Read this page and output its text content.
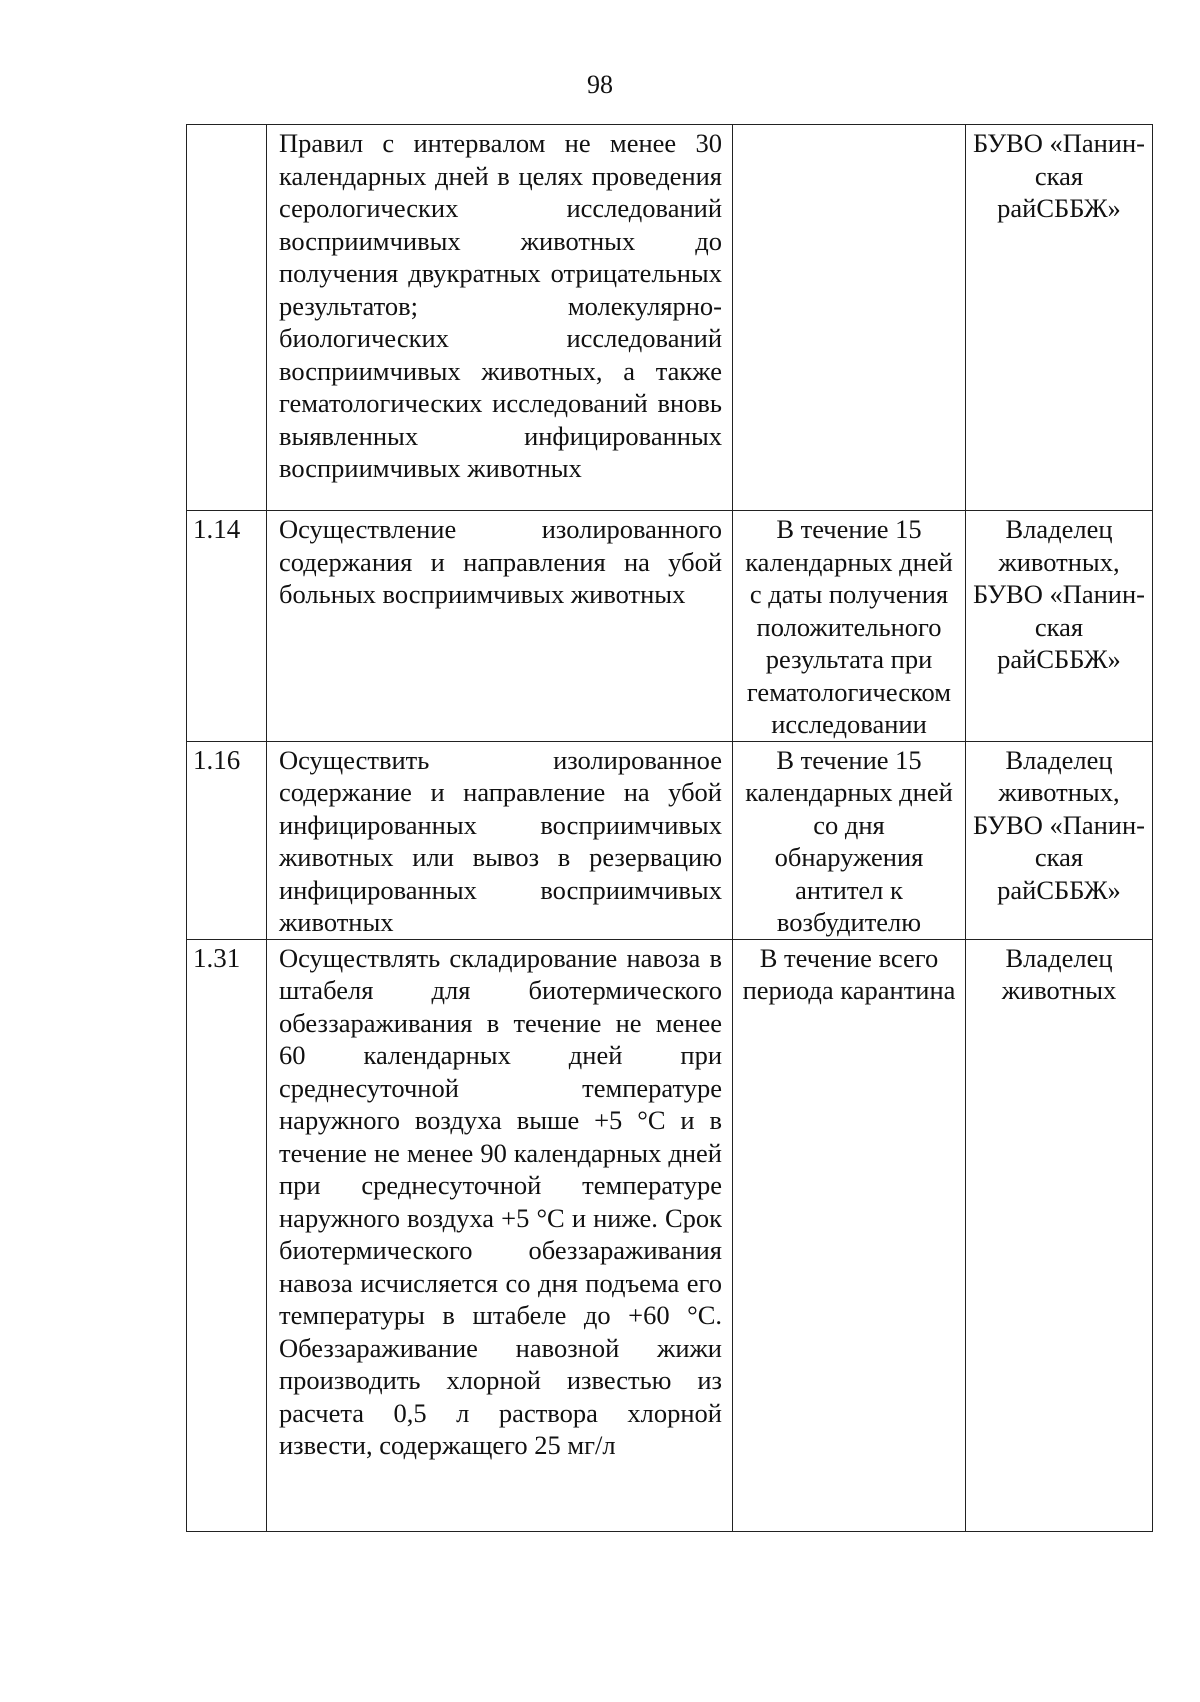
98
	Правил с интервалом не менее 30 календарных дней в целях проведения серологических исследований восприимчивых животных до получения двукратных отрицательных результатов; молекулярно-биологических исследований восприимчивых животных, а также гематологических исследований вновь выявленных инфицированных восприимчивых животных		БУВО «Панин-ская райСББЖ»
1.14	Осуществление изолированного содержания и направления на убой больных восприимчивых животных	В течение 15 календарных дней с даты получения положительного результата при гематологическом исследовании	Владелец животных, БУВО «Панин-ская райСББЖ»
1.16	Осуществить изолированное содержание и направление на убой инфицированных восприимчивых животных или вывоз в резервацию инфицированных восприимчивых животных	В течение 15 календарных дней со дня обнаружения антител к возбудителю	Владелец животных, БУВО «Панин-ская райСББЖ»
1.31	Осуществлять складирование навоза в штабеля для биотермического обеззараживания в течение не менее 60 календарных дней при среднесуточной температуре наружного воздуха выше +5 °С и в течение не менее 90 календарных дней при среднесуточной температуре наружного воздуха +5 °С и ниже. Срок биотермического обеззараживания навоза исчисляется со дня подъема его температуры в штабеле до +60 °С. Обеззараживание навозной жижи производить хлорной известью из расчета 0,5 л раствора хлорной извести, содержащего 25 мг/л	В течение всего периода карантина	Владелец животных
